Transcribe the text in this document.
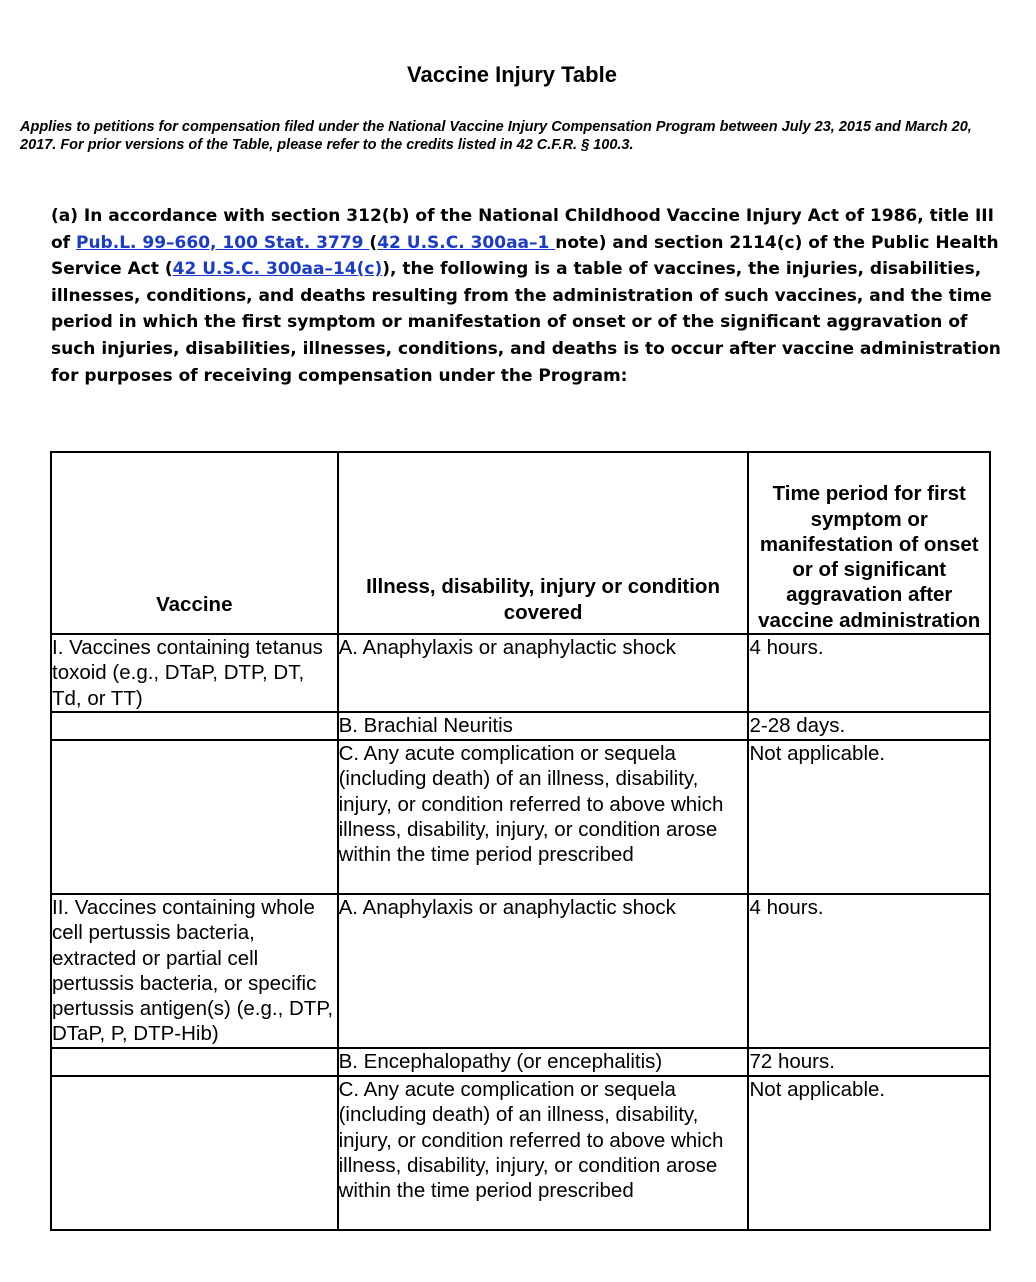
Vaccine Injury Table
Applies to petitions for compensation filed under the National Vaccine Injury Compensation Program between July 23, 2015 and March 20, 2017. For prior versions of the Table, please refer to the credits listed in 42 C.F.R. § 100.3.
(a) In accordance with section 312(b) of the National Childhood Vaccine Injury Act of 1986, title III of Pub.L. 99–660, 100 Stat. 3779 (42 U.S.C. 300aa–1 note) and section 2114(c) of the Public Health Service Act (42 U.S.C. 300aa–14(c)), the following is a table of vaccines, the injuries, disabilities, illnesses, conditions, and deaths resulting from the administration of such vaccines, and the time period in which the first symptom or manifestation of onset or of the significant aggravation of such injuries, disabilities, illnesses, conditions, and deaths is to occur after vaccine administration for purposes of receiving compensation under the Program:
Vaccine	Illness, disability, injury or condition covered	Time period for first symptom or manifestation of onset or of significant aggravation after vaccine administration
I. Vaccines containing tetanus toxoid (e.g., DTaP, DTP, DT, Td, or TT)	A. Anaphylaxis or anaphylactic shock	4 hours.
	B. Brachial Neuritis	2-28 days.
	C. Any acute complication or sequela (including death) of an illness, disability, injury, or condition referred to above which illness, disability, injury, or condition arose within the time period prescribed	Not applicable.
II. Vaccines containing whole cell pertussis bacteria, extracted or partial cell pertussis bacteria, or specific pertussis antigen(s) (e.g., DTP, DTaP, P, DTP-Hib)	A. Anaphylaxis or anaphylactic shock	4 hours.
	B. Encephalopathy (or encephalitis)	72 hours.
	C. Any acute complication or sequela (including death) of an illness, disability, injury, or condition referred to above which illness, disability, injury, or condition arose within the time period prescribed	Not applicable.
